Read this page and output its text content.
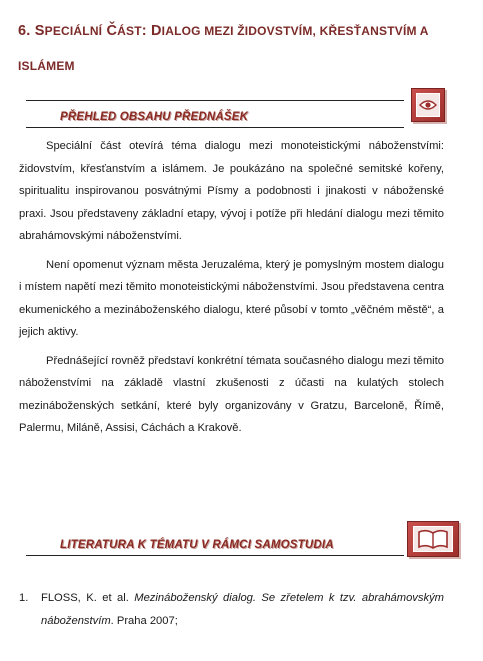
6. SPECIÁLNÍ ČÁST: DIALOG MEZI ŽIDOVSTVÍM, KŘESŤANSTVÍM A ISLÁMEM
PŘEHLED OBSAHU PŘEDNÁŠEK

Speciální část otevírá téma dialogu mezi monoteistickými náboženstvími: židovstvím, křesťanstvím a islámem. Je poukázáno na společné semitské kořeny, spiritualitu inspirovanou posvátnými Písmy a podobnosti i jinakosti v náboženské praxi. Jsou představeny základní etapy, vývoj i potíže při hledání dialogu mezi těmito abrahámovskými náboženstvími.

Není opomenut význam města Jeruzaléma, který je pomyslným mostem dialogu i místem napětí mezi těmito monoteistickými náboženstvími. Jsou představena centra ekumenického a mezináboženského dialogu, které působí v tomto „věčném městě“, a jejich aktivy.

Přednášející rovněž představí konkrétní témata současného dialogu mezi těmito náboženstvími na základě vlastní zkušenosti z účasti na kulatých stolech mezináboženských setkání, které byly organizovány v Gratzu, Barceloně, Římě, Palermu, Miláně, Assisi, Cáchách a Krakově.

LITERATURA K TÉMATU V RÁMCI SAMOSTUDIA
1.	FLOSS, K. et al. Mezináboženský dialog. Se zřetelem k tzv. abrahámovským náboženstvím. Praha 2007;
